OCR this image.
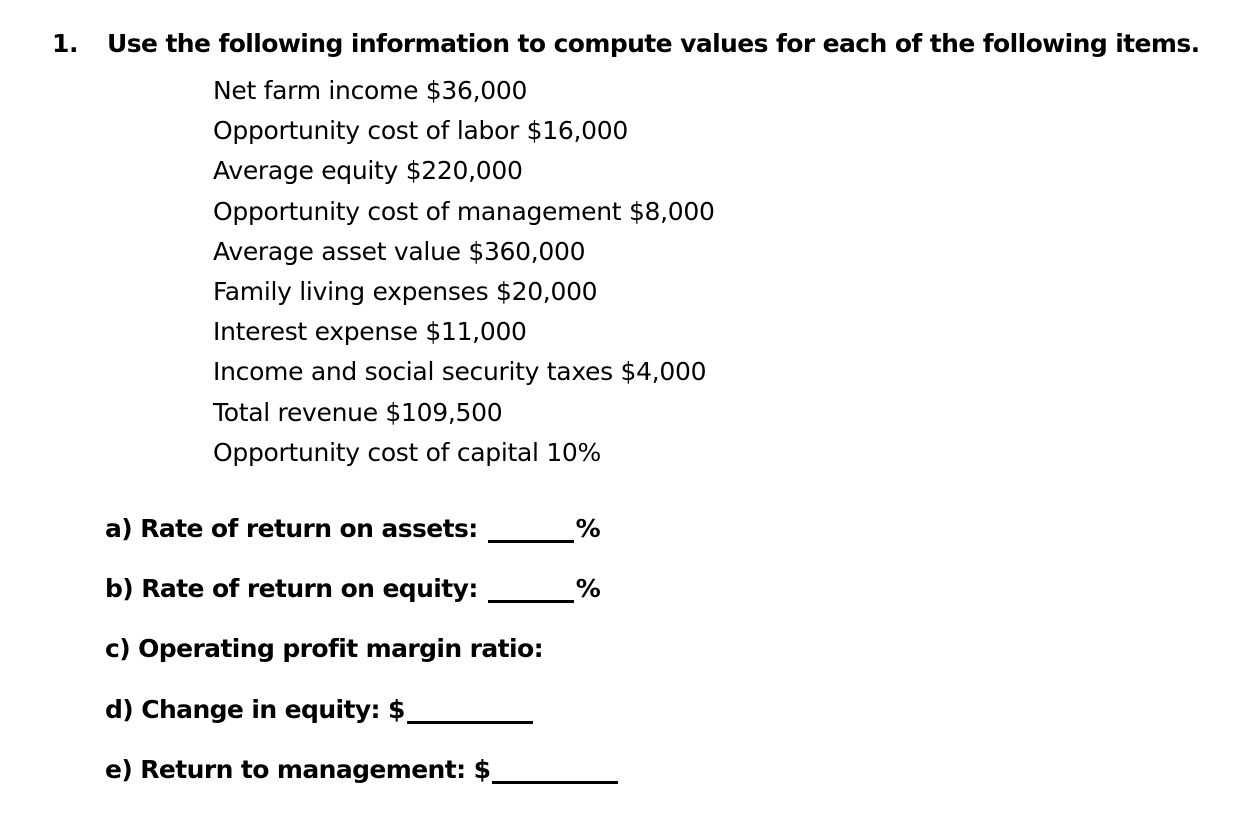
1. Use the following information to compute values for each of the following items.
Net farm income $36,000
Opportunity cost of labor $16,000
Average equity $220,000
Opportunity cost of management $8,000
Average asset value $360,000
Family living expenses $20,000
Interest expense $11,000
Income and social security taxes $4,000
Total revenue $109,500
Opportunity cost of capital 10%
a) Rate of return on assets:	%
b) Rate of return on equity:	%
c) Operating profit margin ratio:
d) Change in equity: $
e) Return to management: $
